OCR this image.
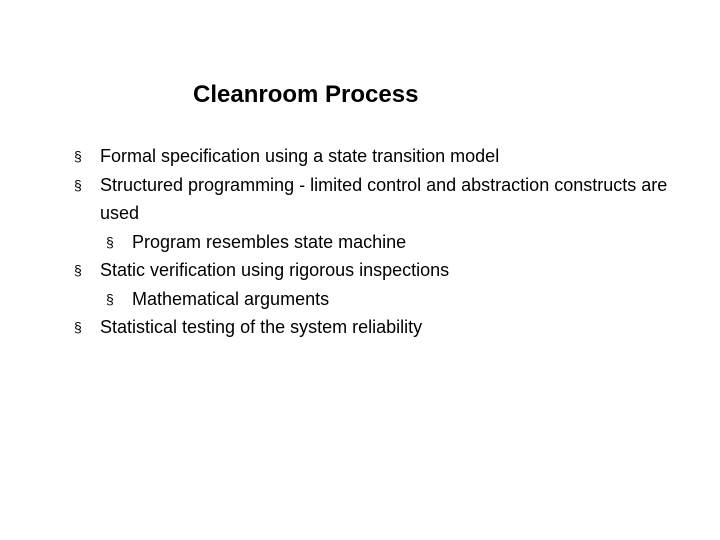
Cleanroom Process
§ Formal specification using a state transition model
§ Structured programming - limited control and abstraction constructs are used
§ Program resembles state machine
§ Static verification using rigorous inspections
§ Mathematical arguments
§ Statistical testing of the system reliability
